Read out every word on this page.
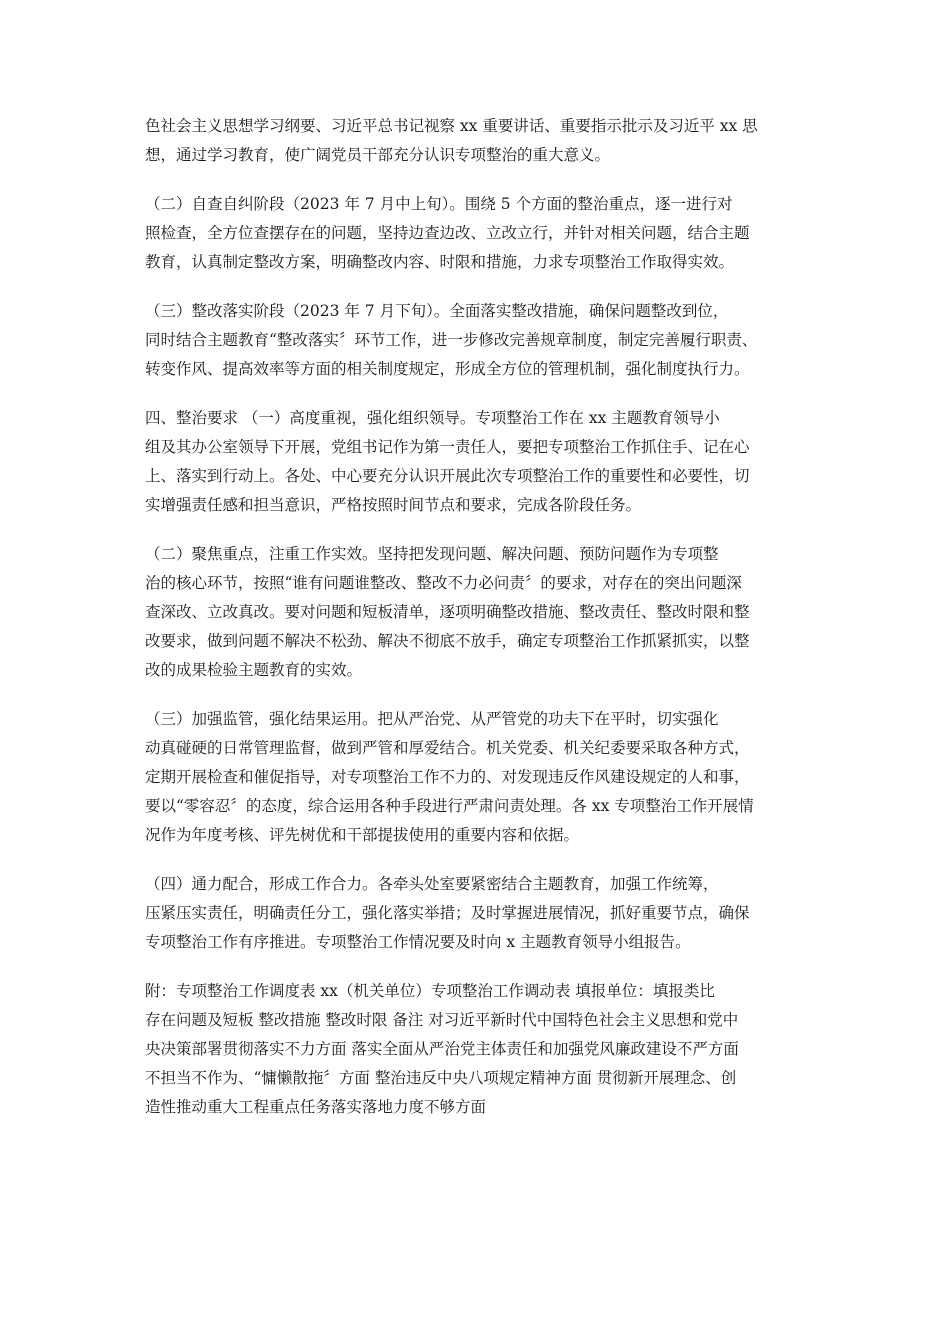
色社会主义思想学习纲要、习近平总书记视察 xx 重要讲话、重要指示批示及习近平 xx 思
想，通过学习教育，使广阔党员干部充分认识专项整治的重大意义。
（二）自查自纠阶段（2023 年 7 月中上旬）。围绕 5 个方面的整治重点，逐一进行对
照检查，全方位查摆存在的问题，坚持边查边改、立改立行，并针对相关问题，结合主题
教育，认真制定整改方案，明确整改内容、时限和措施，力求专项整治工作取得实效。
（三）整改落实阶段（2023 年 7 月下旬）。全面落实整改措施，确保问题整改到位，
同时结合主题教育“整改落实〞环节工作，进一步修改完善规章制度，制定完善履行职责、
转变作风、提高效率等方面的相关制度规定，形成全方位的管理机制，强化制度执行力。
四、整治要求 （一）高度重视，强化组织领导。专项整治工作在 xx 主题教育领导小
组及其办公室领导下开展，党组书记作为第一责任人，要把专项整治工作抓住手、记在心
上、落实到行动上。各处、中心要充分认识开展此次专项整治工作的重要性和必要性，切
实增强责任感和担当意识，严格按照时间节点和要求，完成各阶段任务。
（二）聚焦重点，注重工作实效。坚持把发现问题、解决问题、预防问题作为专项整
治的核心环节，按照“谁有问题谁整改、整改不力必问责〞的要求，对存在的突出问题深
查深改、立改真改。要对问题和短板清单，逐项明确整改措施、整改责任、整改时限和整
改要求，做到问题不解决不松劲、解决不彻底不放手，确定专项整治工作抓紧抓实，以整
改的成果检验主题教育的实效。
（三）加强监管，强化结果运用。把从严治党、从严管党的功夫下在平时，切实强化
动真碰硬的日常管理监督，做到严管和厚爱结合。机关党委、机关纪委要采取各种方式，
定期开展检查和催促指导，对专项整治工作不力的、对发现违反作风建设规定的人和事，
要以“零容忍〞的态度，综合运用各种手段进行严肃问责处理。各 xx 专项整治工作开展情
况作为年度考核、评先树优和干部提拔使用的重要内容和依据。
（四）通力配合，形成工作合力。各牵头处室要紧密结合主题教育，加强工作统筹，
压紧压实责任，明确责任分工，强化落实举措；及时掌握进展情况，抓好重要节点，确保
专项整治工作有序推进。专项整治工作情况要及时向 x 主题教育领导小组报告。
附：专项整治工作调度表 xx（机关单位）专项整治工作调动表 填报单位：填报类比
存在问题及短板 整改措施 整改时限 备注 对习近平新时代中国特色社会主义思想和党中
央决策部署贯彻落实不力方面 落实全面从严治党主体责任和加强党风廉政建设不严方面
不担当不作为、“慵懒散拖〞方面 整治违反中央八项规定精神方面 贯彻新开展理念、创
造性推动重大工程重点任务落实落地力度不够方面
